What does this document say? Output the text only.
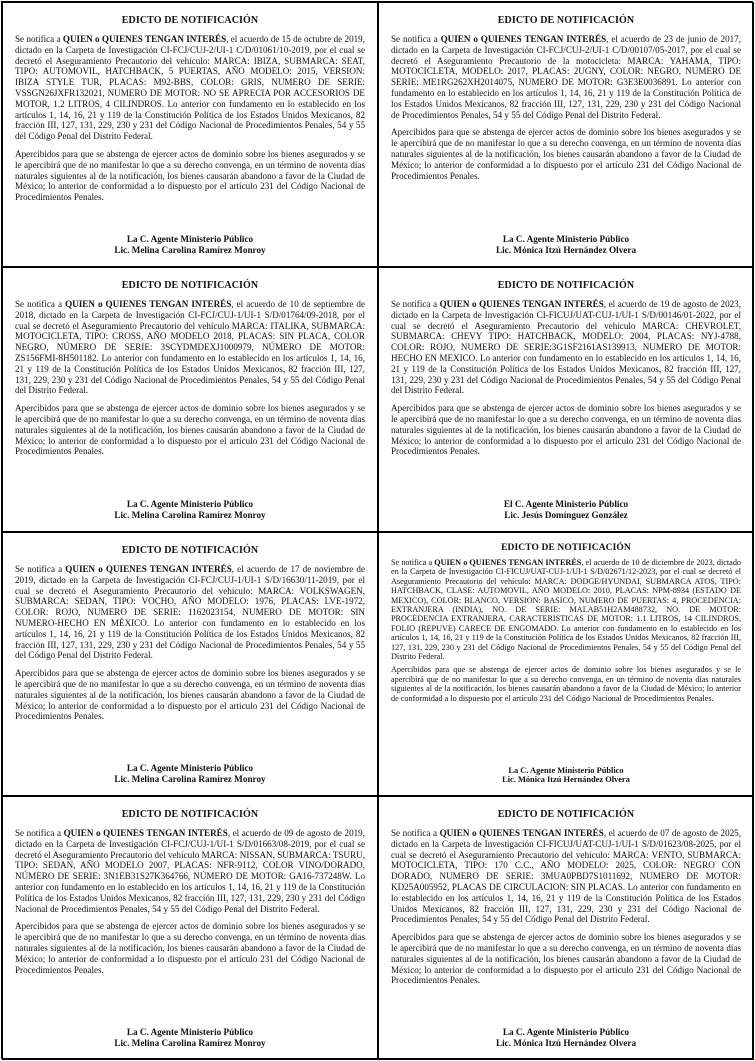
EDICTO DE NOTIFICACIÓN

Se notifica a QUIEN o QUIENES TENGAN INTERÉS, el acuerdo de 15 de octubre de 2019, dictado en la Carpeta de Investigación CI-FCJ/CUJ-2/UI-1 C/D/01061/10-2019, por el cual se decretó el Aseguramiento Precautorio del vehículo: MARCA: IBIZA, SUBMARCA: SEAT, TIPO: AUTOMOVIL, HATCHBACK, 5 PUERTAS, AÑO MODELO: 2015, VERSION: IBIZA STYLE TUR, PLACAS: M92-BBS, COLOR: GRIS, NUMERO DE SERIE: VSSGN26JXFR132021, NUMERO DE MOTOR: NO SE APRECIA POR ACCESORIOS DE MOTOR, 1.2 LITROS, 4 CILINDROS. Lo anterior con fundamento en lo establecido en los artículos 1, 14, 16, 21 y 119 de la Constitución Política de los Estados Unidos Mexicanos, 82 fracción III, 127, 131, 229, 230 y 231 del Código Nacional de Procedimientos Penales, 54 y 55 del Código Penal del Distrito Federal.

Apercibidos para que se abstenga de ejercer actos de dominio sobre los bienes asegurados y se le apercibirá que de no manifestar lo que a su derecho convenga, en un término de noventa días naturales siguientes al de la notificación, los bienes causarán abandono a favor de la Ciudad de México; lo anterior de conformidad a lo dispuesto por el artículo 231 del Código Nacional de Procedimientos Penales.

La C. Agente Ministerio Público
Lic. Melina Carolina Ramírez Monroy
EDICTO DE NOTIFICACIÓN

Se notifica a QUIEN o QUIENES TENGAN INTERÉS, el acuerdo de 23 de junio de 2017, dictado en la Carpeta de Investigación CI-FCJ/CUJ-2/UI-1 C/D/00107/05-2017, por el cual se decretó el Aseguramiento Precautorio de la motocicleta: MARCA: YAHAMA, TIPO: MOTOCICLETA, MODELO: 2017, PLACAS: 2UGNY, COLOR: NEGRO, NUMERO DE SERIE: ME1RG262XH2014075, NUMERO DE MOTOR: G3E3E0036891. Lo anterior con fundamento en lo establecido en los artículos 1, 14, 16, 21 y 119 de la Constitución Política de los Estados Unidos Mexicanos, 82 fracción III, 127, 131, 229, 230 y 231 del Código Nacional de Procedimientos Penales, 54 y 55 del Código Penal del Distrito Federal.

Apercibidos para que se abstenga de ejercer actos de dominio sobre los bienes asegurados y se le apercibirá que de no manifestar lo que a su derecho convenga, en un término de noventa días naturales siguientes al de la notificación, los bienes causarán abandono a favor de la Ciudad de México; lo anterior de conformidad a lo dispuesto por el artículo 231 del Código Nacional de Procedimientos Penales.

La C. Agente Ministerio Público
Lic. Mónica Itzú Hernández Olvera
EDICTO DE NOTIFICACIÓN

Se notifica a QUIEN o QUIENES TENGAN INTERÉS, el acuerdo de 10 de septiembre de 2018, dictado en la Carpeta de Investigación CI-FCJ/CUJ-1/UI-1 S/D/01764/09-2018, por el cual se decretó el Aseguramiento Precautorio del vehículo MARCA: ITALIKA, SUBMARCA: MOTOCICLETA, TIPO: CROSS, AÑO MODELO 2018, PLACAS: SIN PLACA, COLOR NEGRO, NÚMERO DE SERIE: 3SCYDMDEXJ1000979, NÚMERO DE MOTOR: ZS156FMI-8H501182. Lo anterior con fundamento en lo establecido en los artículos 1, 14, 16, 21 y 119 de la Constitución Política de los Estados Unidos Mexicanos, 82 fracción III, 127, 131, 229, 230 y 231 del Código Nacional de Procedimientos Penales, 54 y 55 del Código Penal del Distrito Federal.

Apercibidos para que se abstenga de ejercer actos de dominio sobre los bienes asegurados y se le apercibirá que de no manifestar lo que a su derecho convenga, en un término de noventa días naturales siguientes al de la notificación, los bienes causarán abandono a favor de la Ciudad de México; lo anterior de conformidad a lo dispuesto por el artículo 231 del Código Nacional de Procedimientos Penales.

La C. Agente Ministerio Público
Lic. Melina Carolina Ramírez Monroy
EDICTO DE NOTIFICACIÓN

Se notifica a QUIEN o QUIENES TENGAN INTERÉS, el acuerdo de 19 de agosto de 2023, dictado en la Carpeta de Investigación CI-FICUJ/UAT-CUJ-1/UI-1 S/D/00146/01-2022, por el cual se decretó el Aseguramiento Precautorio del vehículo MARCA: CHEVROLET, SUBMARCA: CHEVY TIPO: HATCHBACK, MODELO: 2004, PLACAS: NYJ-4788, COLOR: ROJO, NUMERO DE SERIE:3G1SF2161AS139913, NUMERO DE MOTOR: HECHO EN MEXICO. Lo anterior con fundamento en lo establecido en los artículos 1, 14, 16, 21 y 119 de la Constitución Política de los Estados Unidos Mexicanos, 82 fracción III, 127, 131, 229, 230 y 231 del Código Nacional de Procedimientos Penales, 54 y 55 del Código Penal del Distrito Federal.

Apercibidos para que se abstenga de ejercer actos de dominio sobre los bienes asegurados y se le apercibirá que de no manifestar lo que a su derecho convenga, en un término de noventa días naturales siguientes al de la notificación, los bienes causarán abandono a favor de la Ciudad de México; lo anterior de conformidad a lo dispuesto por el artículo 231 del Código Nacional de Procedimientos Penales.

El C. Agente Ministerio Público
Lic. Jesús Domínguez González
EDICTO DE NOTIFICACIÓN

Se notifica a QUIEN o QUIENES TENGAN INTERÉS, el acuerdo de 17 de noviembre de 2019, dictado en la Carpeta de Investigación CI-FCJ/CUJ-1/UI-1 S/D/16630/11-2019, por el cual se decretó el Aseguramiento Precautorio del vehículo: MARCA: VOLKSWAGEN, SUBMARCA: SEDAN, TIPO: VOCHO, AÑO MODELO: 1976, PLACAS: LVE-1972, COLOR: ROJO, NUMERO DE SERIE: 1162023154, NUMERO DE MOTOR: SIN NUMERO-HECHO EN MÉXICO. Lo anterior con fundamento en lo establecido en los artículos 1, 14, 16, 21 y 119 de la Constitución Política de los Estados Unidos Mexicanos, 82 fracción III, 127, 131, 229, 230 y 231 del Código Nacional de Procedimientos Penales, 54 y 55 del Código Penal del Distrito Federal.

Apercibidos para que se abstenga de ejercer actos de dominio sobre los bienes asegurados y se le apercibirá que de no manifestar lo que a su derecho convenga, en un término de noventa días naturales siguientes al de la notificación, los bienes causarán abandono a favor de la Ciudad de México; lo anterior de conformidad a lo dispuesto por el artículo 231 del Código Nacional de Procedimientos Penales.

La C. Agente Ministerio Público
Lic. Melina Carolina Ramírez Monroy
EDICTO DE NOTIFICACIÓN

Se notifica a QUIEN o QUIENES TENGAN INTERÉS, el acuerdo de 10 de diciembre de 2023, dictado en la Carpeta de Investigación CI-FICUJ/UAT-CUJ-1/UI-1 S/D/02671/12-2023, por el cual se decretó el Aseguramiento Precautorio del vehículo: MARCA: DODGE/HYUNDAI, SUBMARCA ATOS, TIPO: HATCHBACK, CLASE: AUTOMOVIL, AÑO MODELO: 2010, PLACAS: NPM-8934 (ESTADO DE MEXICO), COLOR: BLANCO, VERSION: BASICO, NUMERO DE PUERTAS: 4, PROCEDENCIA: EXTRANJERA (INDIA), NO. DE SERIE: MALAB51H2AM488732, NO. DE MOTOR: PROCEDENCIA EXTRANJERA, CARACTERISTICAS DE MOTOR: 1.1 LITROS, 14 CILINDROS, FOLIO (REPUVE) CARECE DE ENGOMADO. Lo anterior con fundamento en lo establecido en los artículos 1, 14, 16, 21 y 119 de la Constitución Política de los Estados Unidos Mexicanos, 82 fracción III, 127, 131, 229, 230 y 231 del Código Nacional de Procedimientos Penales, 54 y 55 del Código Penal del Distrito Federal.

Apercibidos para que se abstenga de ejercer actos de dominio sobre los bienes asegurados y se le apercibirá que de no manifestar lo que a su derecho convenga, en un término de noventa días naturales siguientes al de la notificación, los bienes causarán abandono a favor de la Ciudad de México; lo anterior de conformidad a lo dispuesto por el artículo 231 del Código Nacional de Procedimientos Penales.

La C. Agente Ministerio Público
Lic. Mónica Itzú Hernández Olvera
EDICTO DE NOTIFICACIÓN

Se notifica a QUIEN o QUIENES TENGAN INTERÉS, el acuerdo de 09 de agosto de 2019, dictado en la Carpeta de Investigación CI-FCJ/CUJ-1/UI-1 S/D/01663/08-2019, por el cual se decretó el Aseguramiento Precautorio del vehículo MARCA: NISSAN, SUBMARCA: TSURU, TIPO: SEDAN, AÑO MODELO 2007, PLACAS: NFR-9112, COLOR VINO/DORADO, NÚMERO DE SERIE: 3N1EB31S27K364766, NÚMERO DE MOTOR: GA16-737248W. Lo anterior con fundamento en lo establecido en los artículos 1, 14, 16, 21 y 119 de la Constitución Política de los Estados Unidos Mexicanos, 82 fracción III, 127, 131, 229, 230 y 231 del Código Nacional de Procedimientos Penales, 54 y 55 del Código Penal del Distrito Federal.

Apercibidos para que se abstenga de ejercer actos de dominio sobre los bienes asegurados y se le apercibirá que de no manifestar lo que a su derecho convenga, en un término de noventa días naturales siguientes al de la notificación, los bienes causarán abandono a favor de la Ciudad de México; lo anterior de conformidad a lo dispuesto por el artículo 231 del Código Nacional de Procedimientos Penales.

La C. Agente Ministerio Público
Lic. Melina Carolina Ramírez Monroy
EDICTO DE NOTIFICACIÓN

Se notifica a QUIEN o QUIENES TENGAN INTERÉS, el acuerdo de 07 de agosto de 2025, dictado en la Carpeta de Investigación CI-FICUJ/UAT-CUJ-1/UI-1 S/D/01623/08-2025, por el cual se decretó el Aseguramiento Precautorio del vehículo: MARCA: VENTO, SUBMARCA: MOTOCICLETA, TIPO: 170 C.C., AÑO MODELO: 2025, COLOR: NEGRO CON DORADO, NUMERO DE SERIE: 3MUA0PBD7S1011692, NUMERO DE MOTOR: KD25A005952, PLACAS DE CIRCULACION: SIN PLACAS. Lo anterior con fundamento en lo establecido en los artículos 1, 14, 16, 21 y 119 de la Constitución Política de los Estados Unidos Mexicanos, 82 fracción III, 127, 131, 229, 230 y 231 del Código Nacional de Procedimientos Penales, 54 y 55 del Código Penal del Distrito Federal.

Apercibidos para que se abstenga de ejercer actos de dominio sobre los bienes asegurados y se le apercibirá que de no manifestar lo que a su derecho convenga, en un término de noventa días naturales siguientes al de la notificación, los bienes causarán abandono a favor de la Ciudad de México; lo anterior de conformidad a lo dispuesto por el artículo 231 del Código Nacional de Procedimientos Penales.

La C. Agente Ministerio Público
Lic. Mónica Itzú Hernández Olvera
